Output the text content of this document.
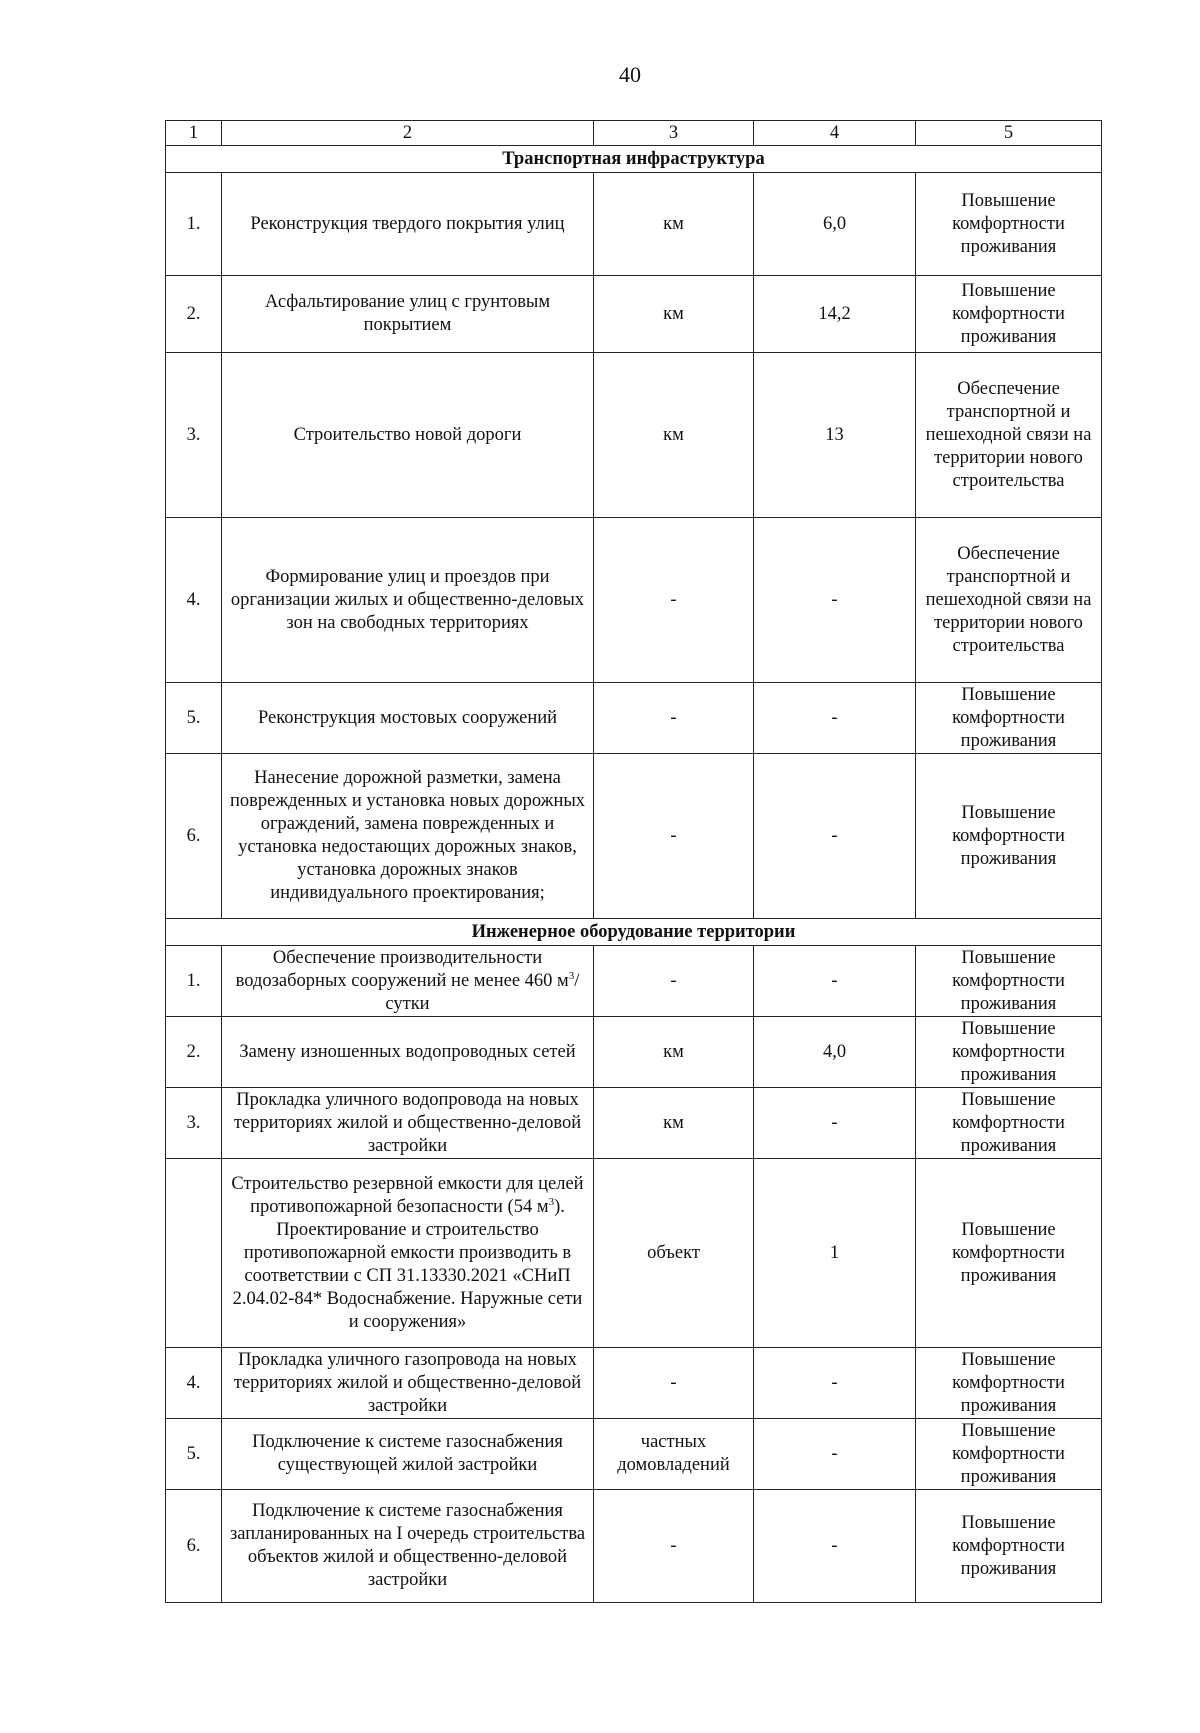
40
1	2	3	4	5
Транспортная инфраструктура				
1.	Реконструкция твердого покрытия улиц	км	6,0	Повышение комфортности проживания
2.	Асфальтирование улиц с грунтовым покрытием	км	14,2	Повышение комфортности проживания
3.	Строительство новой дороги	км	13	Обеспечение транспортной и пешеходной связи на территории нового строительства
4.	Формирование улиц и проездов при организации жилых и общественно-деловых зон на свободных территориях	-	-	Обеспечение транспортной и пешеходной связи на территории нового строительства
5.	Реконструкция мостовых сооружений	-	-	Повышение комфортности проживания
6.	Нанесение дорожной разметки, замена поврежденных и установка новых дорожных ограждений, замена поврежденных и установка недостающих дорожных знаков, установка дорожных знаков индивидуального проектирования;	-	-	Повышение комфортности проживания
Инженерное оборудование территории				
1.	Обеспечение производительности водозаборных сооружений не менее 460 $м^3$/сутки	-	-	Повышение комфортности проживания
2.	Замену изношенных водопроводных сетей	км	4,0	Повышение комфортности проживания
3.	Прокладка уличного водопровода на новых территориях жилой и общественно-деловой застройки	км	-	Повышение комфортности проживания
	Строительство резервной емкости для целей противопожарной безопасности (54 $м^3$). Проектирование и строительство противопожарной емкости производить в соответствии с СП 31.13330.2021 «СНиП 2.04.02-84* Водоснабжение. Наружные сети и сооружения»	объект	1	Повышение комфортности проживания
4.	Прокладка уличного газопровода на новых территориях жилой и общественно-деловой застройки	-	-	Повышение комфортности проживания
5.	Подключение к системе газоснабжения существующей жилой застройки	частных домовладений	-	Повышение комфортности проживания
6.	Подключение к системе газоснабжения запланированных на I очередь строительства объектов жилой и общественно-деловой застройки	-	-	Повышение комфортности проживания
